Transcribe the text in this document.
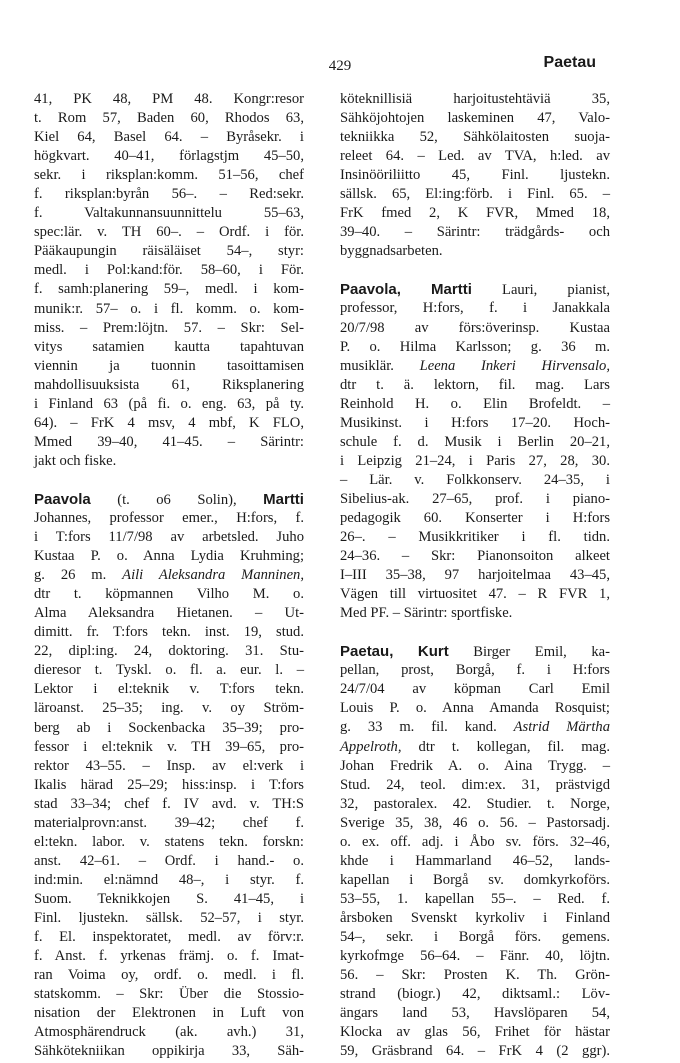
429	Paetau
41, PK 48, PM 48. Kongr:resor
t. Rom 57, Baden 60, Rhodos 63,
Kiel 64, Basel 64. – Byråsekr. i
högkvart. 40–41, förlagstjm 45–50,
sekr. i riksplan:komm. 51–56, chef
f. riksplan:byrån 56–. – Red:sekr.
f. Valtakunnansuunnittelu 55–63,
spec:lär. v. TH 60–. – Ordf. i för.
Pääkaupungin räisäläiset 54–, styr:
medl. i Pol:kand:för. 58–60, i För.
f. samh:planering 59–, medl. i kom-
munik:r. 57– o. i fl. komm. o. kom-
miss. – Prem:löjtn. 57. – Skr: Sel-
vitys satamien kautta tapahtuvan
viennin ja tuonnin tasoittamisen
mahdollisuuksista 61, Riksplanering
i Finland 63 (på fi. o. eng. 63, på ty.
64). – FrK 4 msv, 4 mbf, K FLO,
Mmed 39–40, 41–45. – Särintr:
jakt och fiske.
Paavola (t. o6 Solin), Martti
Johannes, professor emer., H:fors, f.
i T:fors 11/7/98 av arbetsled. Juho
Kustaa P. o. Anna Lydia Kruhming;
g. 26 m. Aili Aleksandra Manninen,
dtr t. köpmannen Vilho M. o.
Alma Aleksandra Hietanen. – Ut-
dimitt. fr. T:fors tekn. inst. 19, stud.
22, dipl:ing. 24, doktoring. 31. Stu-
dieresor t. Tyskl. o. fl. a. eur. l. –
Lektor i el:teknik v. T:fors tekn.
läroanst. 25–35; ing. v. oy Ström-
berg ab i Sockenbacka 35–39; pro-
fessor i el:teknik v. TH 39–65, pro-
rektor 43–55. – Insp. av el:verk i
Ikalis härad 25–29; hiss:insp. i T:fors
stad 33–34; chef f. IV avd. v. TH:S
materialprovn:anst. 39–42; chef f.
el:tekn. labor. v. statens tekn. forskn:
anst. 42–61. – Ordf. i hand.- o.
ind:min. el:nämnd 48–, i styr. f.
Suom. Teknikkojen S. 41–45, i
Finl. ljustekn. sällsk. 52–57, i styr.
f. El. inspektoratet, medl. av förv:r.
f. Anst. f. yrkenas främj. o. f. Imat-
ran Voima oy, ordf. o. medl. i fl.
statskomm. – Skr: Über die Stossio-
nisation der Elektronen in Luft von
Atmosphärendruck (ak. avh.) 31,
Sähkötekniikan oppikirja 33, Säh-
köteknillisiä harjoitustehtäviä 35,
Sähköjohtojen laskeminen 47, Valo-
tekniikka 52, Sähkölaitosten suoja-
releet 64. – Led. av TVA, h:led. av
Insinööriliitto 45, Finl. ljustekn.
sällsk. 65, El:ing:förb. i Finl. 65. –
FrK fmed 2, K FVR, Mmed 18,
39–40. – Särintr: trädgårds- och
byggnadsarbeten.
Paavola, Martti Lauri, pianist,
professor, H:fors, f. i Janakkala
20/7/98 av förs:överinsp. Kustaa
P. o. Hilma Karlsson; g. 36 m.
musiklär. Leena Inkeri Hirvensalo,
dtr t. ä. lektorn, fil. mag. Lars
Reinhold H. o. Elin Brofeldt. –
Musikinst. i H:fors 17–20. Hoch-
schule f. d. Musik i Berlin 20–21,
i Leipzig 21–24, i Paris 27, 28, 30.
– Lär. v. Folkkonserv. 24–35, i
Sibelius-ak. 27–65, prof. i piano-
pedagogik 60. Konserter i H:fors
26–. – Musikkritiker i fl. tidn.
24–36. – Skr: Pianonsoiton alkeet
I–III 35–38, 97 harjoitelmaa 43–45,
Vägen till virtuositet 47. – R FVR 1,
Med PF. – Särintr: sportfiske.
Paetau, Kurt Birger Emil, ka-
pellan, prost, Borgå, f. i H:fors
24/7/04 av köpman Carl Emil
Louis P. o. Anna Amanda Rosquist;
g. 33 m. fil. kand. Astrid Märtha
Appelroth, dtr t. kollegan, fil. mag.
Johan Fredrik A. o. Aina Trygg. –
Stud. 24, teol. dim:ex. 31, prästvigd
32, pastoralex. 42. Studier. t. Norge,
Sverige 35, 38, 46 o. 56. – Pastorsadj.
o. ex. off. adj. i Åbo sv. förs. 32–46,
khde i Hammarland 46–52, lands-
kapellan i Borgå sv. domkyrkoförs.
53–55, 1. kapellan 55–. – Red. f.
årsboken Svenskt kyrkoliv i Finland
54–, sekr. i Borgå förs. gemens.
kyrkofmge 56–64. – Fänr. 40, löjtn.
56. – Skr: Prosten K. Th. Grön-
strand (biogr.) 42, diktsaml.: Löv-
ängars land 53, Havslöparen 54,
Klocka av glas 56, Frihet för hästar
59, Gräsbrand 64. – FrK 4 (2 ggr).
